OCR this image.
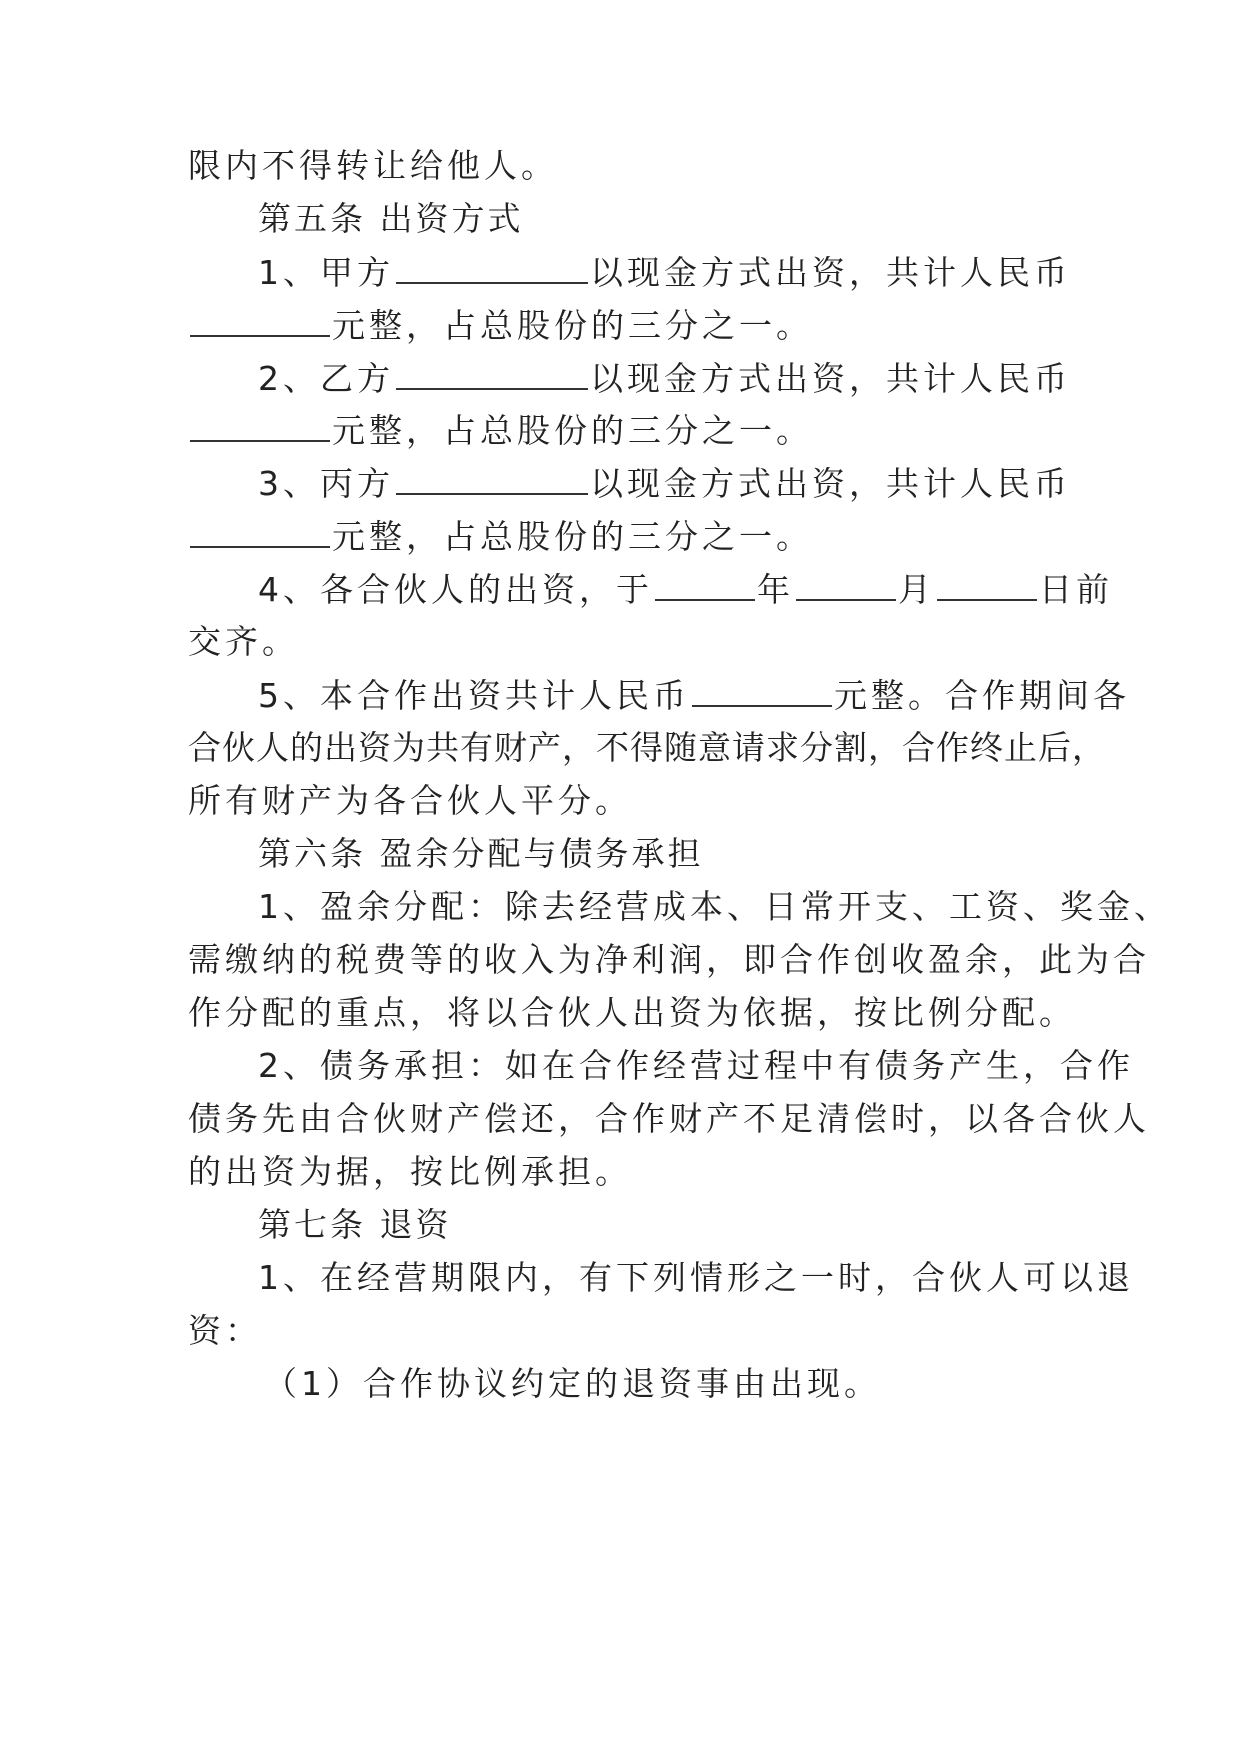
限内不得转让给他人。
第五条 出资方式
1、甲方	以现金方式出资，共计人民币
元整，占总股份的三分之一。
2、乙方	以现金方式出资，共计人民币
元整，占总股份的三分之一。
3、丙方	以现金方式出资，共计人民币
元整，占总股份的三分之一。
4、各合伙人的出资，于	年	月	日前
交齐。
5、本合作出资共计人民币	元整。合作期间各
合伙人的出资为共有财产，不得随意请求分割，合作终止后，
所有财产为各合伙人平分。
第六条 盈余分配与债务承担
1、盈余分配：除去经营成本、日常开支、工资、奖金、
需缴纳的税费等的收入为净利润，即合作创收盈余，此为合
作分配的重点，将以合伙人出资为依据，按比例分配。
2、债务承担：如在合作经营过程中有债务产生，合作
债务先由合伙财产偿还，合作财产不足清偿时，以各合伙人
的出资为据，按比例承担。
第七条 退资
1、在经营期限内，有下列情形之一时，合伙人可以退
资：
（1）合作协议约定的退资事由出现。
